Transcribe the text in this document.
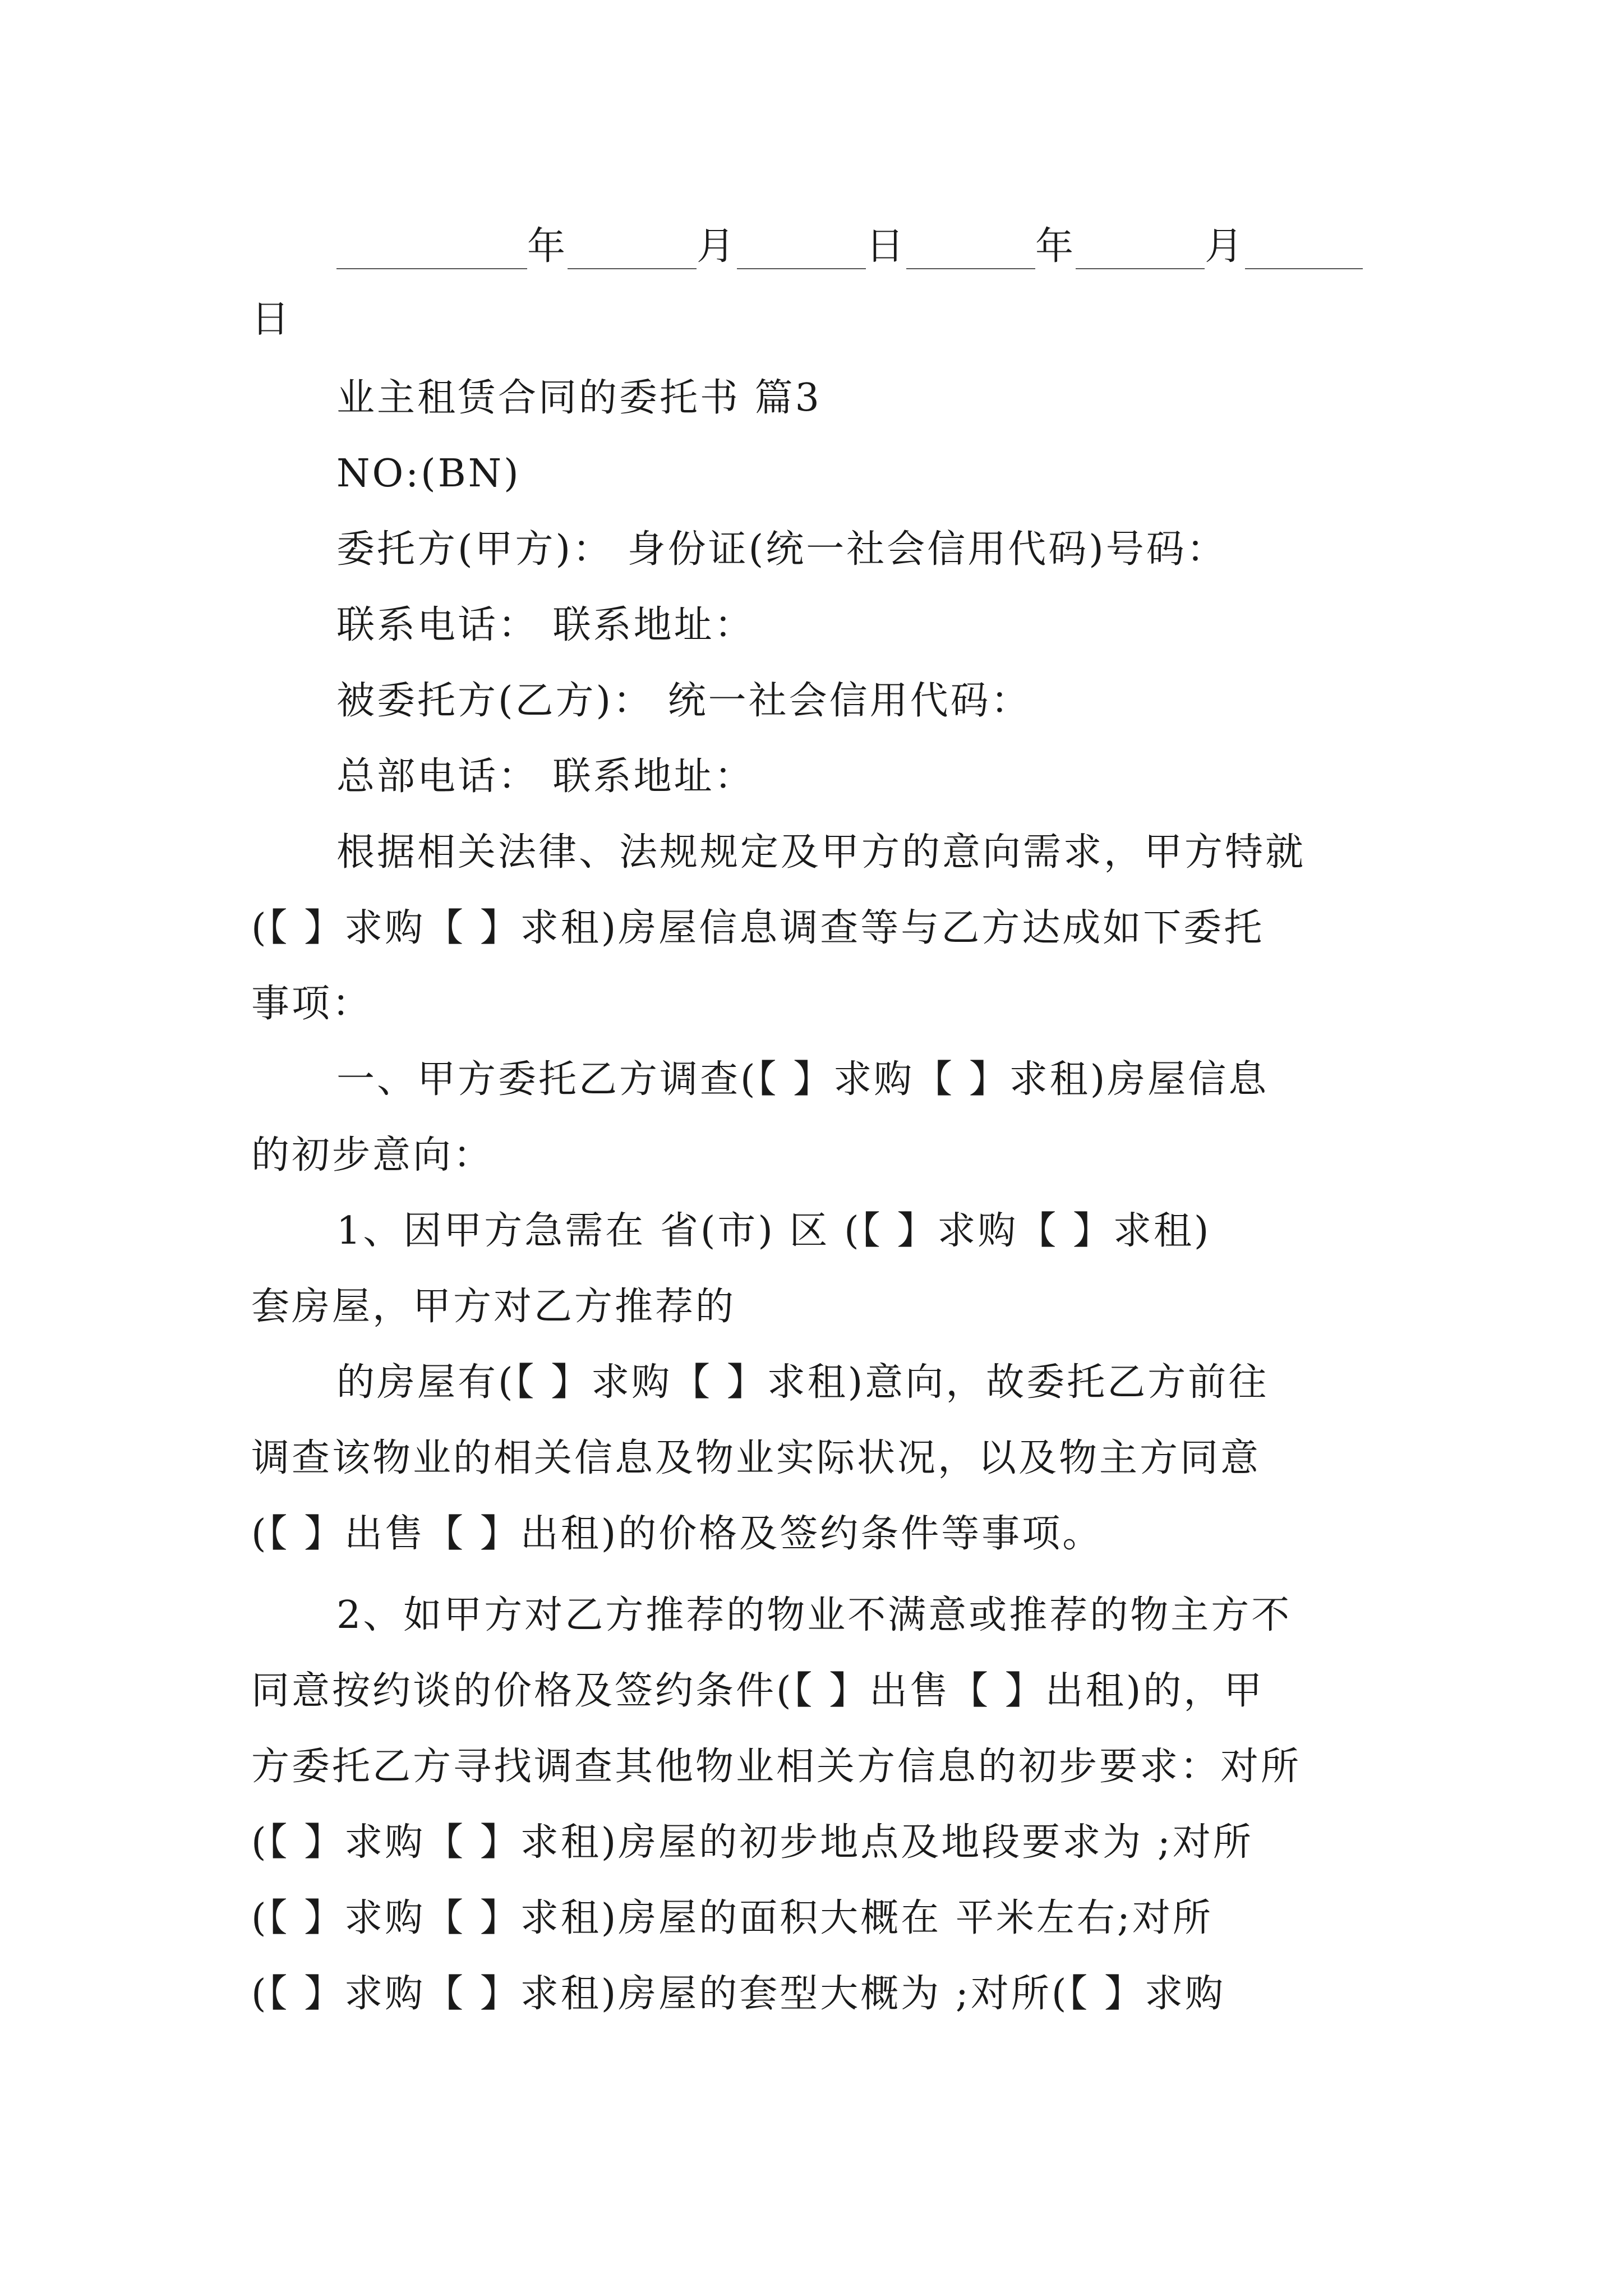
年	月	日	年	月
日
业主租赁合同的委托书 篇3
NO:(BN)
委托方(甲方)： 身份证(统一社会信用代码)号码：
联系电话： 联系地址：
被委托方(乙方)： 统一社会信用代码：
总部电话： 联系地址：
根据相关法律、法规规定及甲方的意向需求，甲方特就
(【 】求购【 】求租)房屋信息调查等与乙方达成如下委托
事项：
一、甲方委托乙方调查(【 】求购【 】求租)房屋信息
的初步意向：
1、因甲方急需在 省(市) 区 (【 】求购【 】求租)
套房屋，甲方对乙方推荐的
的房屋有(【 】求购【 】求租)意向，故委托乙方前往
调查该物业的相关信息及物业实际状况，以及物主方同意
(【 】出售【 】出租)的价格及签约条件等事项。
2、如甲方对乙方推荐的物业不满意或推荐的物主方不
同意按约谈的价格及签约条件(【 】出售【 】出租)的，甲
方委托乙方寻找调查其他物业相关方信息的初步要求：对所
(【 】求购【 】求租)房屋的初步地点及地段要求为 ;对所
(【 】求购【 】求租)房屋的面积大概在 平米左右;对所
(【 】求购【 】求租)房屋的套型大概为 ;对所(【 】求购
